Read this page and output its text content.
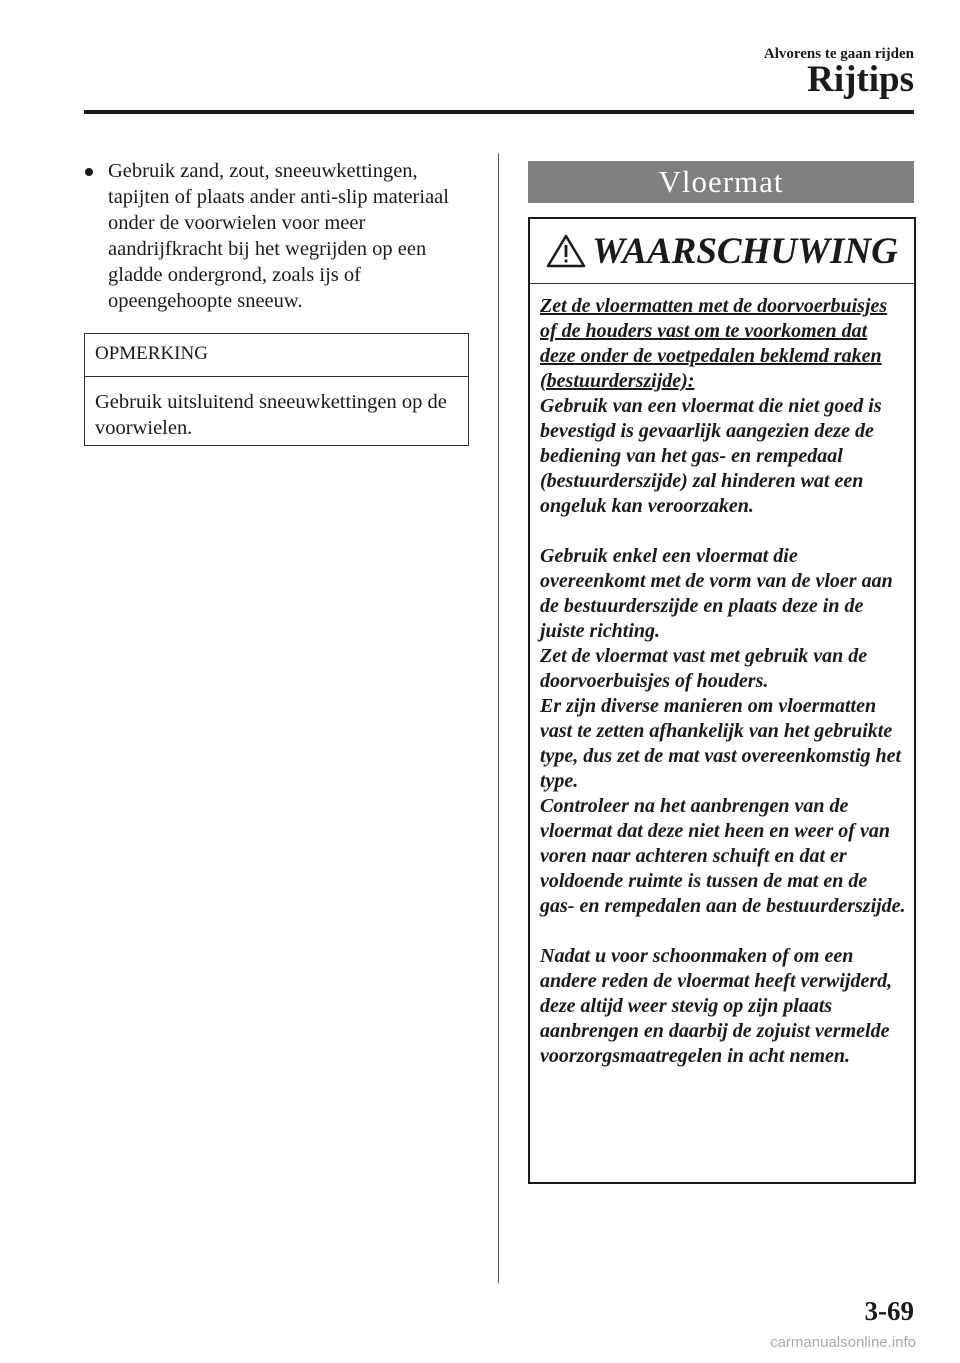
Alvorens te gaan rijden
Rijtips
Gebruik zand, zout, sneeuwkettingen, tapijten of plaats ander anti-slip materiaal onder de voorwielen voor meer aandrijfkracht bij het wegrijden op een gladde ondergrond, zoals ijs of opeengehoopte sneeuw.
OPMERKING
Gebruik uitsluitend sneeuwkettingen op de voorwielen.
Vloermat
WAARSCHUWING

Zet de vloermatten met de doorvoerbuisjes of de houders vast om te voorkomen dat deze onder de voetpedalen beklemd raken (bestuurderszijde):

Gebruik van een vloermat die niet goed is bevestigd is gevaarlijk aangezien deze de bediening van het gas- en rempedaal (bestuurderszijde) zal hinderen wat een ongeluk kan veroorzaken.

Gebruik enkel een vloermat die overeenkomt met de vorm van de vloer aan de bestuurderszijde en plaats deze in de juiste richting.

Zet de vloermat vast met gebruik van de doorvoerbuisjes of houders.

Er zijn diverse manieren om vloermatten vast te zetten afhankelijk van het gebruikte type, dus zet de mat vast overeenkomstig het type.

Controleer na het aanbrengen van de vloermat dat deze niet heen en weer of van voren naar achteren schuift en dat er voldoende ruimte is tussen de mat en de gas- en rempedalen aan de bestuurderszijde.

Nadat u voor schoonmaken of om een andere reden de vloermat heeft verwijderd, deze altijd weer stevig op zijn plaats aanbrengen en daarbij de zojuist vermelde voorzorgsmaatregelen in acht nemen.

3-69
carmanualsonline.info
